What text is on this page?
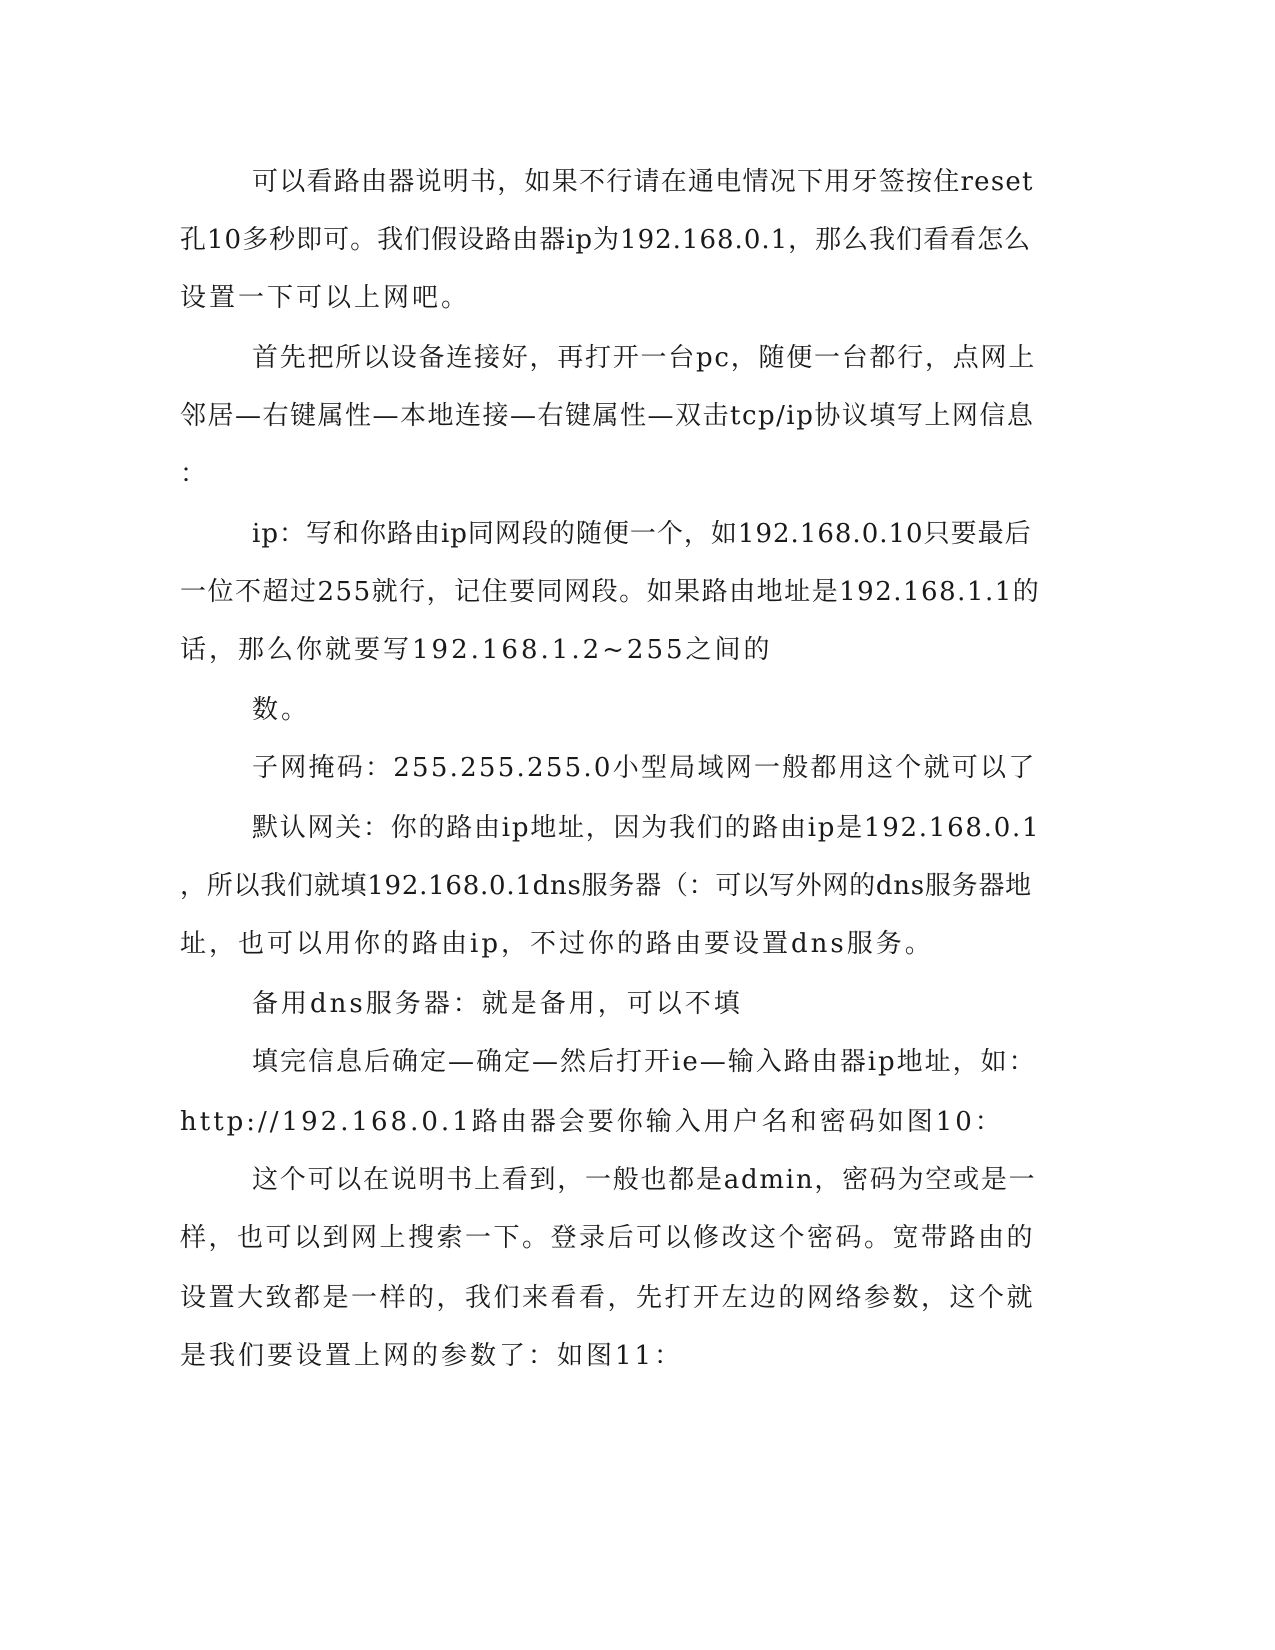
可以看路由器说明书，如果不行请在通电情况下用牙签按住reset
孔10多秒即可。我们假设路由器ip为192.168.0.1，那么我们看看怎么
设置一下可以上网吧。
首先把所以设备连接好，再打开一台pc，随便一台都行，点网上
邻居—右键属性—本地连接—右键属性—双击tcp/ip协议填写上网信息
：
ip：写和你路由ip同网段的随便一个，如192.168.0.10只要最后
一位不超过255就行，记住要同网段。如果路由地址是192.168.1.1的
话，那么你就要写192.168.1.2~255之间的
数。
子网掩码：255.255.255.0小型局域网一般都用这个就可以了
默认网关：你的路由ip地址，因为我们的路由ip是192.168.0.1
，所以我们就填192.168.0.1dns服务器（：可以写外网的dns服务器地
址，也可以用你的路由ip，不过你的路由要设置dns服务。
备用dns服务器：就是备用，可以不填
填完信息后确定—确定—然后打开ie—输入路由器ip地址，如：
http://192.168.0.1路由器会要你输入用户名和密码如图10：
这个可以在说明书上看到，一般也都是admin，密码为空或是一
样，也可以到网上搜索一下。登录后可以修改这个密码。宽带路由的
设置大致都是一样的，我们来看看，先打开左边的网络参数，这个就
是我们要设置上网的参数了：如图11：
